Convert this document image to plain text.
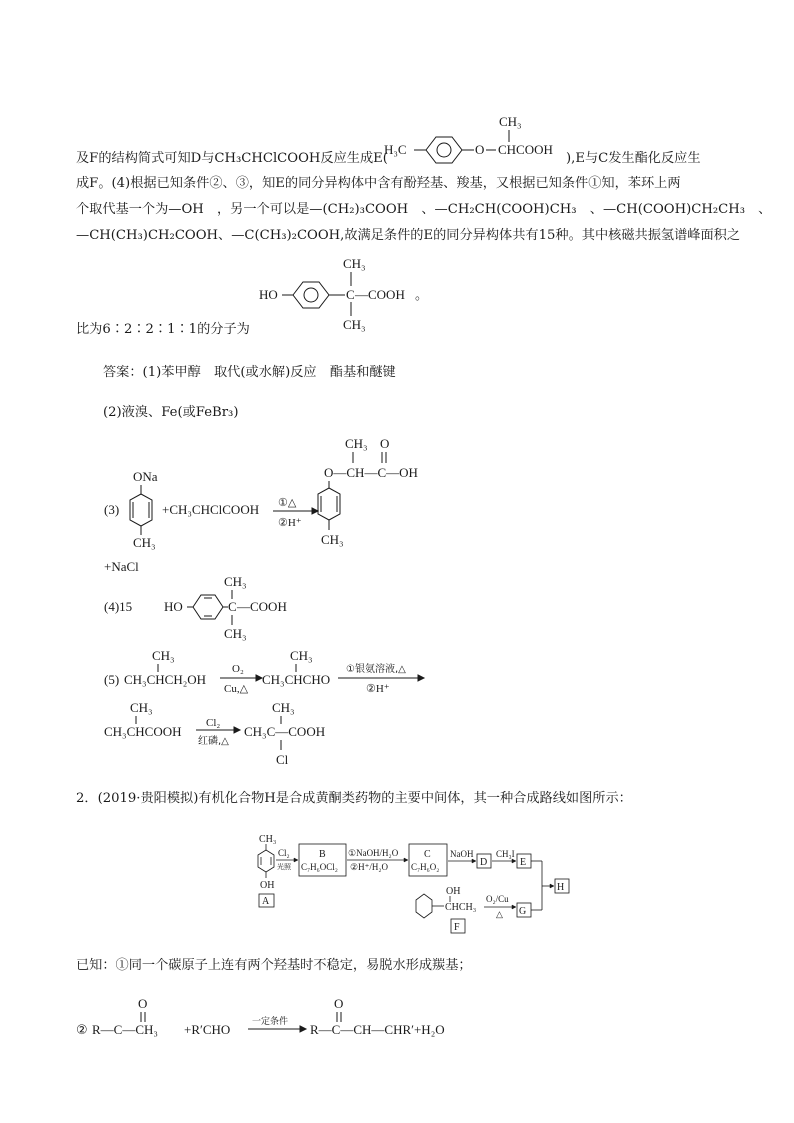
及F的结构简式可知D与CH₃CHClCOOH反应生成E(
CH₃
H₃C	O CHCOOH
),E与C发生酯化反应生
成F。(4)根据已知条件②、③，知E的同分异构体中含有酚羟基、羧基，又根据已知条件①知，苯环上两
个取代基一个为—OH　，另一个可以是—(CH₂)₃COOH　、—CH₂CH(COOH)CH₃　、—CH(COOH)CH₂CH₃　、
—CH(CH₃)CH₂COOH、—C(CH₃)₂COOH,故满足条件的E的同分异构体共有15种。其中核磁共振氢谱峰面积之
CH₃
HO	C —COOH 。
CH₃
比为6∶2∶2∶1∶1的分子为
答案：(1)苯甲醇　取代(或水解)反应　酯基和醚键
(2)液溴、Fe(或FeBr₃)
(3)
ONa
CH₃
+CH₃CHClCOOH ①△
②H⁺
CH₃ O
O—CH—C—OH
CH₃
+NaCl
(4)15
CH₃
HO	C —COOH
CH₃
(5)
CH₃
CH₃CHCH₂OH
O₂
Cu,△
CH₃
CH₃CHCHO
①银氨溶液,△
②H⁺
CH₃
CH₃CHCOOH
Cl₂
红磷,△
CH₃
CH₃C—COOH
Cl
2．(2019·贵阳模拟)有机化合物H是合成黄酮类药物的主要中间体，其一种合成路线如图所示：
CH₃
OH
A
Cl₂
光照
B
C₇H₆OCl₂
①NaOH/H₂O
②H⁺/H₂O
C
C₇H₆O₂
NaOH
D
CH₃I
E
H
OH
CHCH₃
F
O₂/Cu
△ G
已知：①同一个碳原子上连有两个羟基时不稳定，易脱水形成羰基；
②
O
R—C—CH₃ +R′CHO 一定条件
O
R—C—CH—CHR′+H₂O
